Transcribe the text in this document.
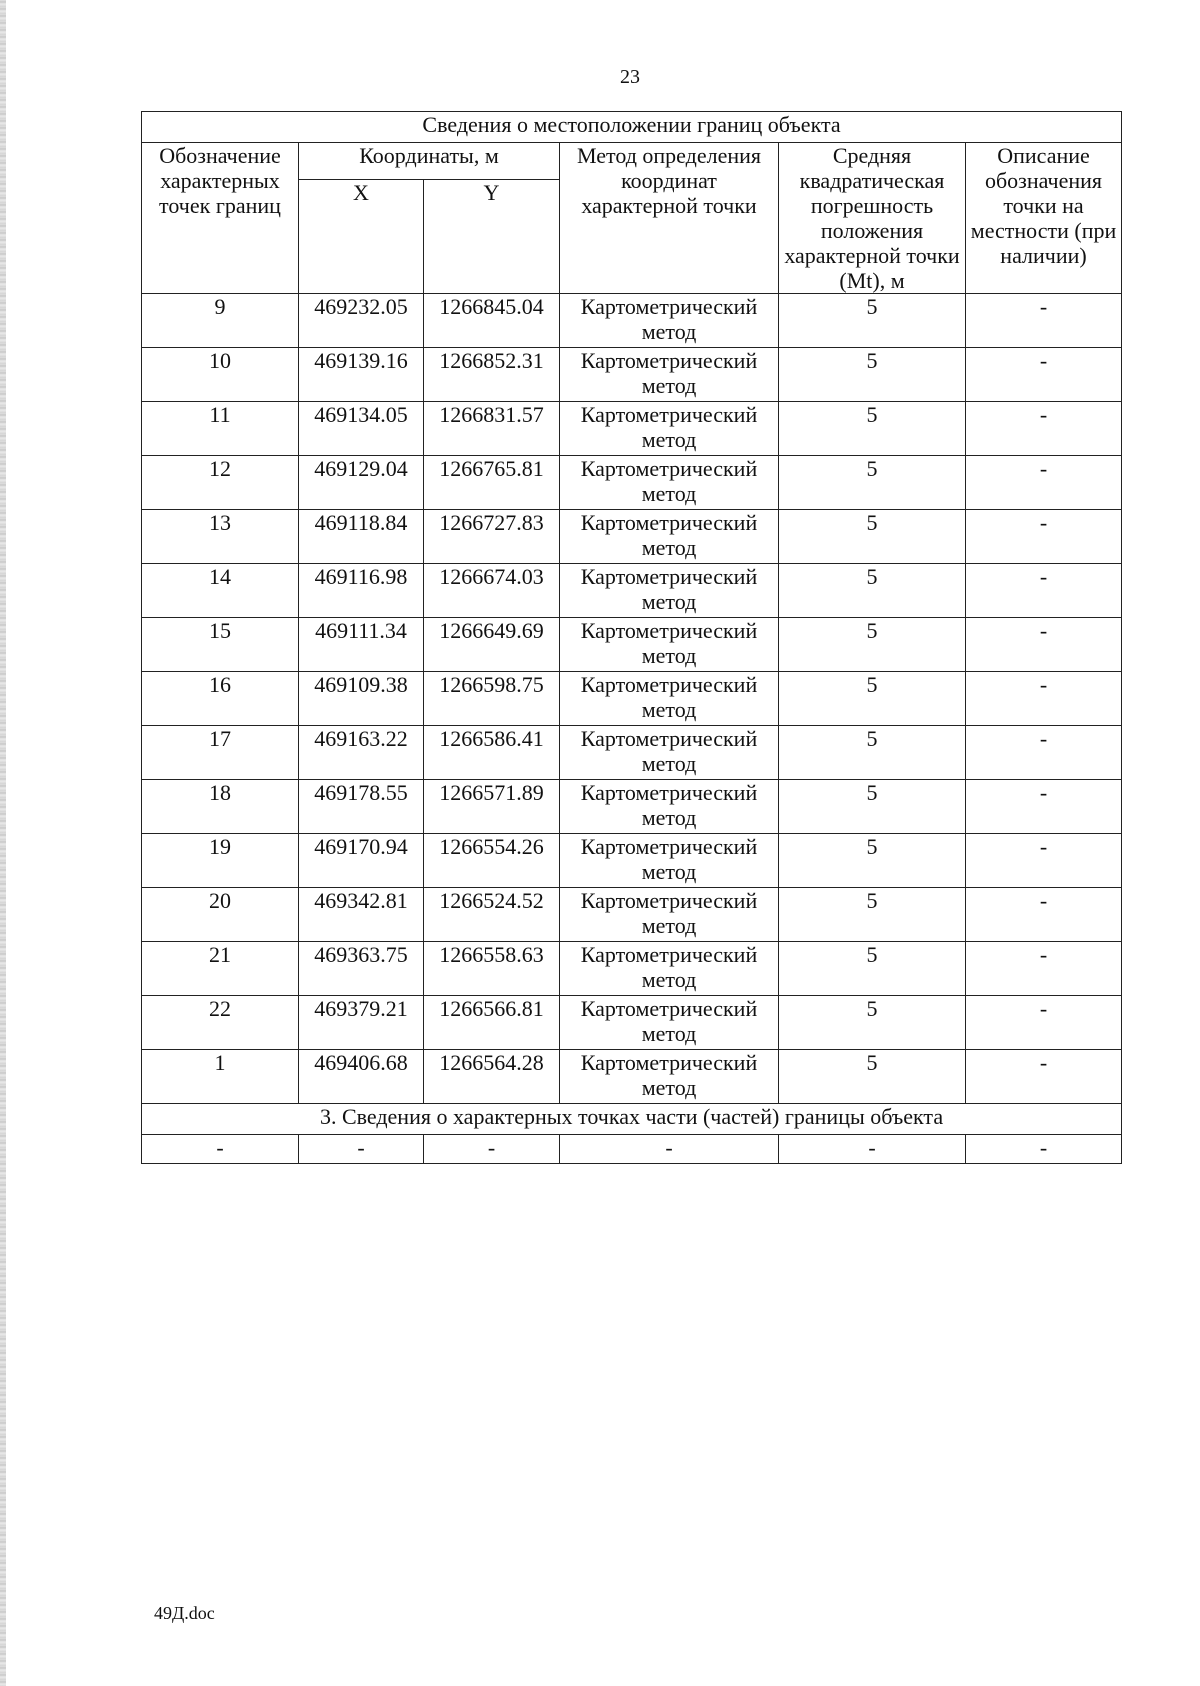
23
Сведения о местоположении границ объекта					
Обозначение характерных точек границ	Координаты, м		Метод определения координат характерной точки	Средняя квадратическая погрешность положения характерной точки (Mt), м	Описание обозначения точки на местности (при наличии)
	X	Y			
9	469232.05	1266845.04	Картометрический метод	5	-
10	469139.16	1266852.31	Картометрический метод	5	-
11	469134.05	1266831.57	Картометрический метод	5	-
12	469129.04	1266765.81	Картометрический метод	5	-
13	469118.84	1266727.83	Картометрический метод	5	-
14	469116.98	1266674.03	Картометрический метод	5	-
15	469111.34	1266649.69	Картометрический метод	5	-
16	469109.38	1266598.75	Картометрический метод	5	-
17	469163.22	1266586.41	Картометрический метод	5	-
18	469178.55	1266571.89	Картометрический метод	5	-
19	469170.94	1266554.26	Картометрический метод	5	-
20	469342.81	1266524.52	Картометрический метод	5	-
21	469363.75	1266558.63	Картометрический метод	5	-
22	469379.21	1266566.81	Картометрический метод	5	-
1	469406.68	1266564.28	Картометрический метод	5	-
3. Сведения о характерных точках части (частей) границы объекта					
-	-	-	-	-	-
49Д.doc
